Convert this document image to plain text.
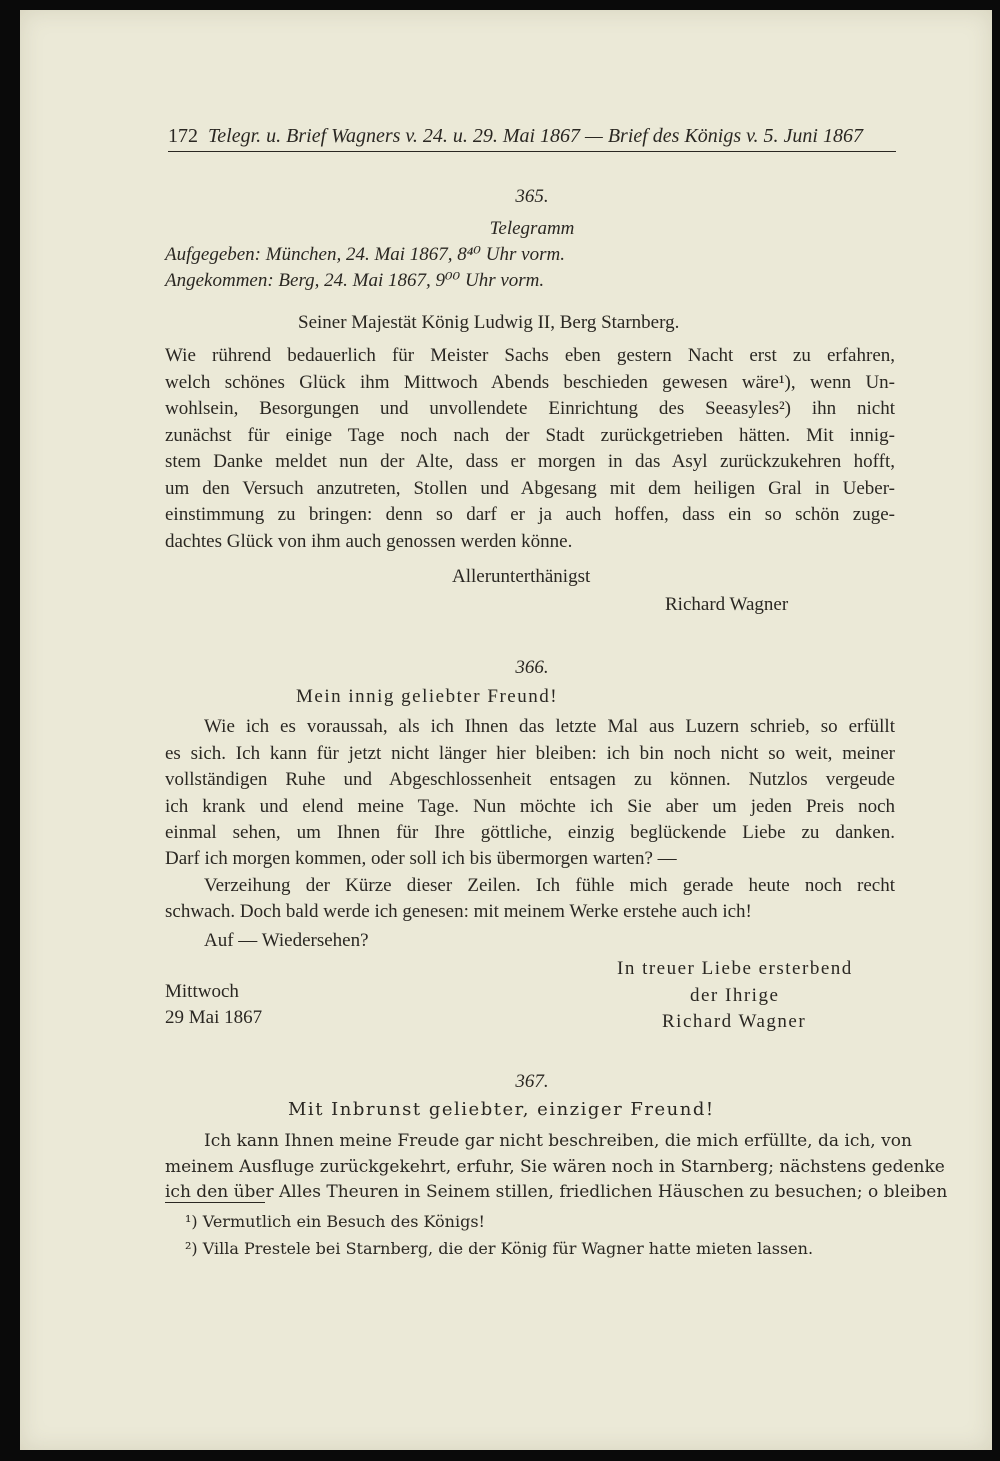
172 Telegr. u. Brief Wagners v. 24. u. 29. Mai 1867 — Brief des Königs v. 5. Juni 1867
365.
Telegramm
Aufgegeben: München, 24. Mai 1867, 8⁴⁰ Uhr vorm.
Angekommen: Berg, 24. Mai 1867, 9⁰⁰ Uhr vorm.
Seiner Majestät König Ludwig II, Berg Starnberg.
Wie rührend bedauerlich für Meister Sachs eben gestern Nacht erst zu erfahren,
welch schönes Glück ihm Mittwoch Abends beschieden gewesen wäre¹), wenn Un-
wohlsein, Besorgungen und unvollendete Einrichtung des Seeasyles²) ihn nicht
zunächst für einige Tage noch nach der Stadt zurückgetrieben hätten. Mit innig-
stem Danke meldet nun der Alte, dass er morgen in das Asyl zurückzukehren hofft,
um den Versuch anzutreten, Stollen und Abgesang mit dem heiligen Gral in Ueber-
einstimmung zu bringen: denn so darf er ja auch hoffen, dass ein so schön zuge-
dachtes Glück von ihm auch genossen werden könne.
Allerunterthänigst
Richard Wagner
366.
Mein innig geliebter Freund!
Wie ich es voraussah, als ich Ihnen das letzte Mal aus Luzern schrieb, so erfüllt
es sich. Ich kann für jetzt nicht länger hier bleiben: ich bin noch nicht so weit, meiner
vollständigen Ruhe und Abgeschlossenheit entsagen zu können. Nutzlos vergeude
ich krank und elend meine Tage. Nun möchte ich Sie aber um jeden Preis noch
einmal sehen, um Ihnen für Ihre göttliche, einzig beglückende Liebe zu danken.
Darf ich morgen kommen, oder soll ich bis übermorgen warten? —
Verzeihung der Kürze dieser Zeilen. Ich fühle mich gerade heute noch recht
schwach. Doch bald werde ich genesen: mit meinem Werke erstehe auch ich!
Auf — Wiedersehen?
In treuer Liebe ersterbend
der Ihrige
Richard Wagner
Mittwoch
29 Mai 1867
367.
Mit Inbrunst geliebter, einziger Freund!
Ich kann Ihnen meine Freude gar nicht beschreiben, die mich erfüllte, da ich, von
meinem Ausfluge zurückgekehrt, erfuhr, Sie wären noch in Starnberg; nächstens gedenke
ich den über Alles Theuren in Seinem stillen, friedlichen Häuschen zu besuchen; o bleiben
¹) Vermutlich ein Besuch des Königs!
²) Villa Prestele bei Starnberg, die der König für Wagner hatte mieten lassen.
